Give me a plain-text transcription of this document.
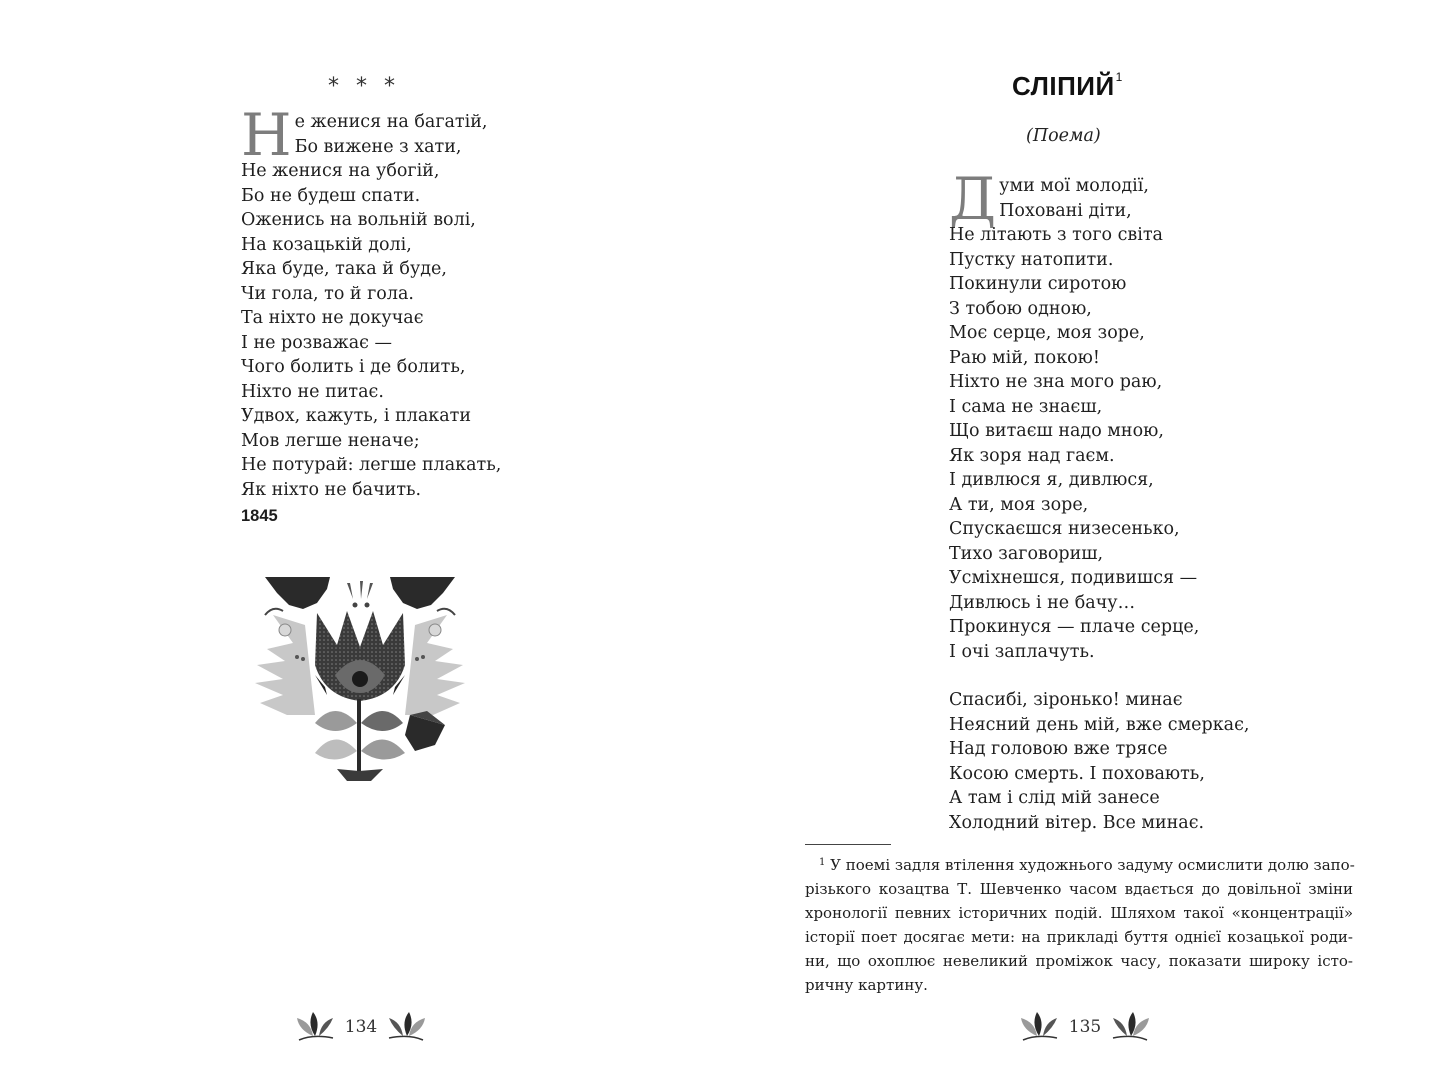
* * *
Н е женися на багатій,
Бо вижене з хати,
Не женися на убогій,
Бо не будеш спати.
Оженись на вольній волі,
На козацькій долі,
Яка буде, така й буде,
Чи гола, то й гола.
Та ніхто не докучає
І не розважає —
Чого болить і де болить,
Ніхто не питає.
Удвох, кажуть, і плакати
Мов легше неначе;
Не потурай: легше плакать,
Як ніхто не бачить.
1845
134
СЛІПИЙ$^1$
(Поема)
Д уми мої молодії,
Поховані діти,
Не літають з того світа
Пустку натопити.
Покинули сиротою
З тобою одною,
Моє серце, моя зоре,
Раю мій, покою!
Ніхто не зна мого раю,
І сама не знаєш,
Що витаєш надо мною,
Як зоря над гаєм.
І дивлюся я, дивлюся,
А ти, моя зоре,
Спускаєшся низесенько,
Тихо заговориш,
Усміхнешся, подивишся —
Дивлюсь і не бачу…
Прокинуся — плаче серце,
І очі заплачуть.
Спасибі, зіронько! минає
Неясний день мій, вже смеркає,
Над головою вже трясе
Косою смерть. І поховають,
А там і слід мій занесе
Холодний вітер. Все минає.
$^1$ У поемі задля втілення художнього задуму осмислити долю запо-
різького козацтва Т. Шевченко часом вдається до довільної зміни
хронології певних історичних подій. Шляхом такої «концентрації»
історії поет досягає мети: на прикладі буття однієї козацької роди-
ни, що охоплює невеликий проміжок часу, показати широку істо-
ричну картину.
135
